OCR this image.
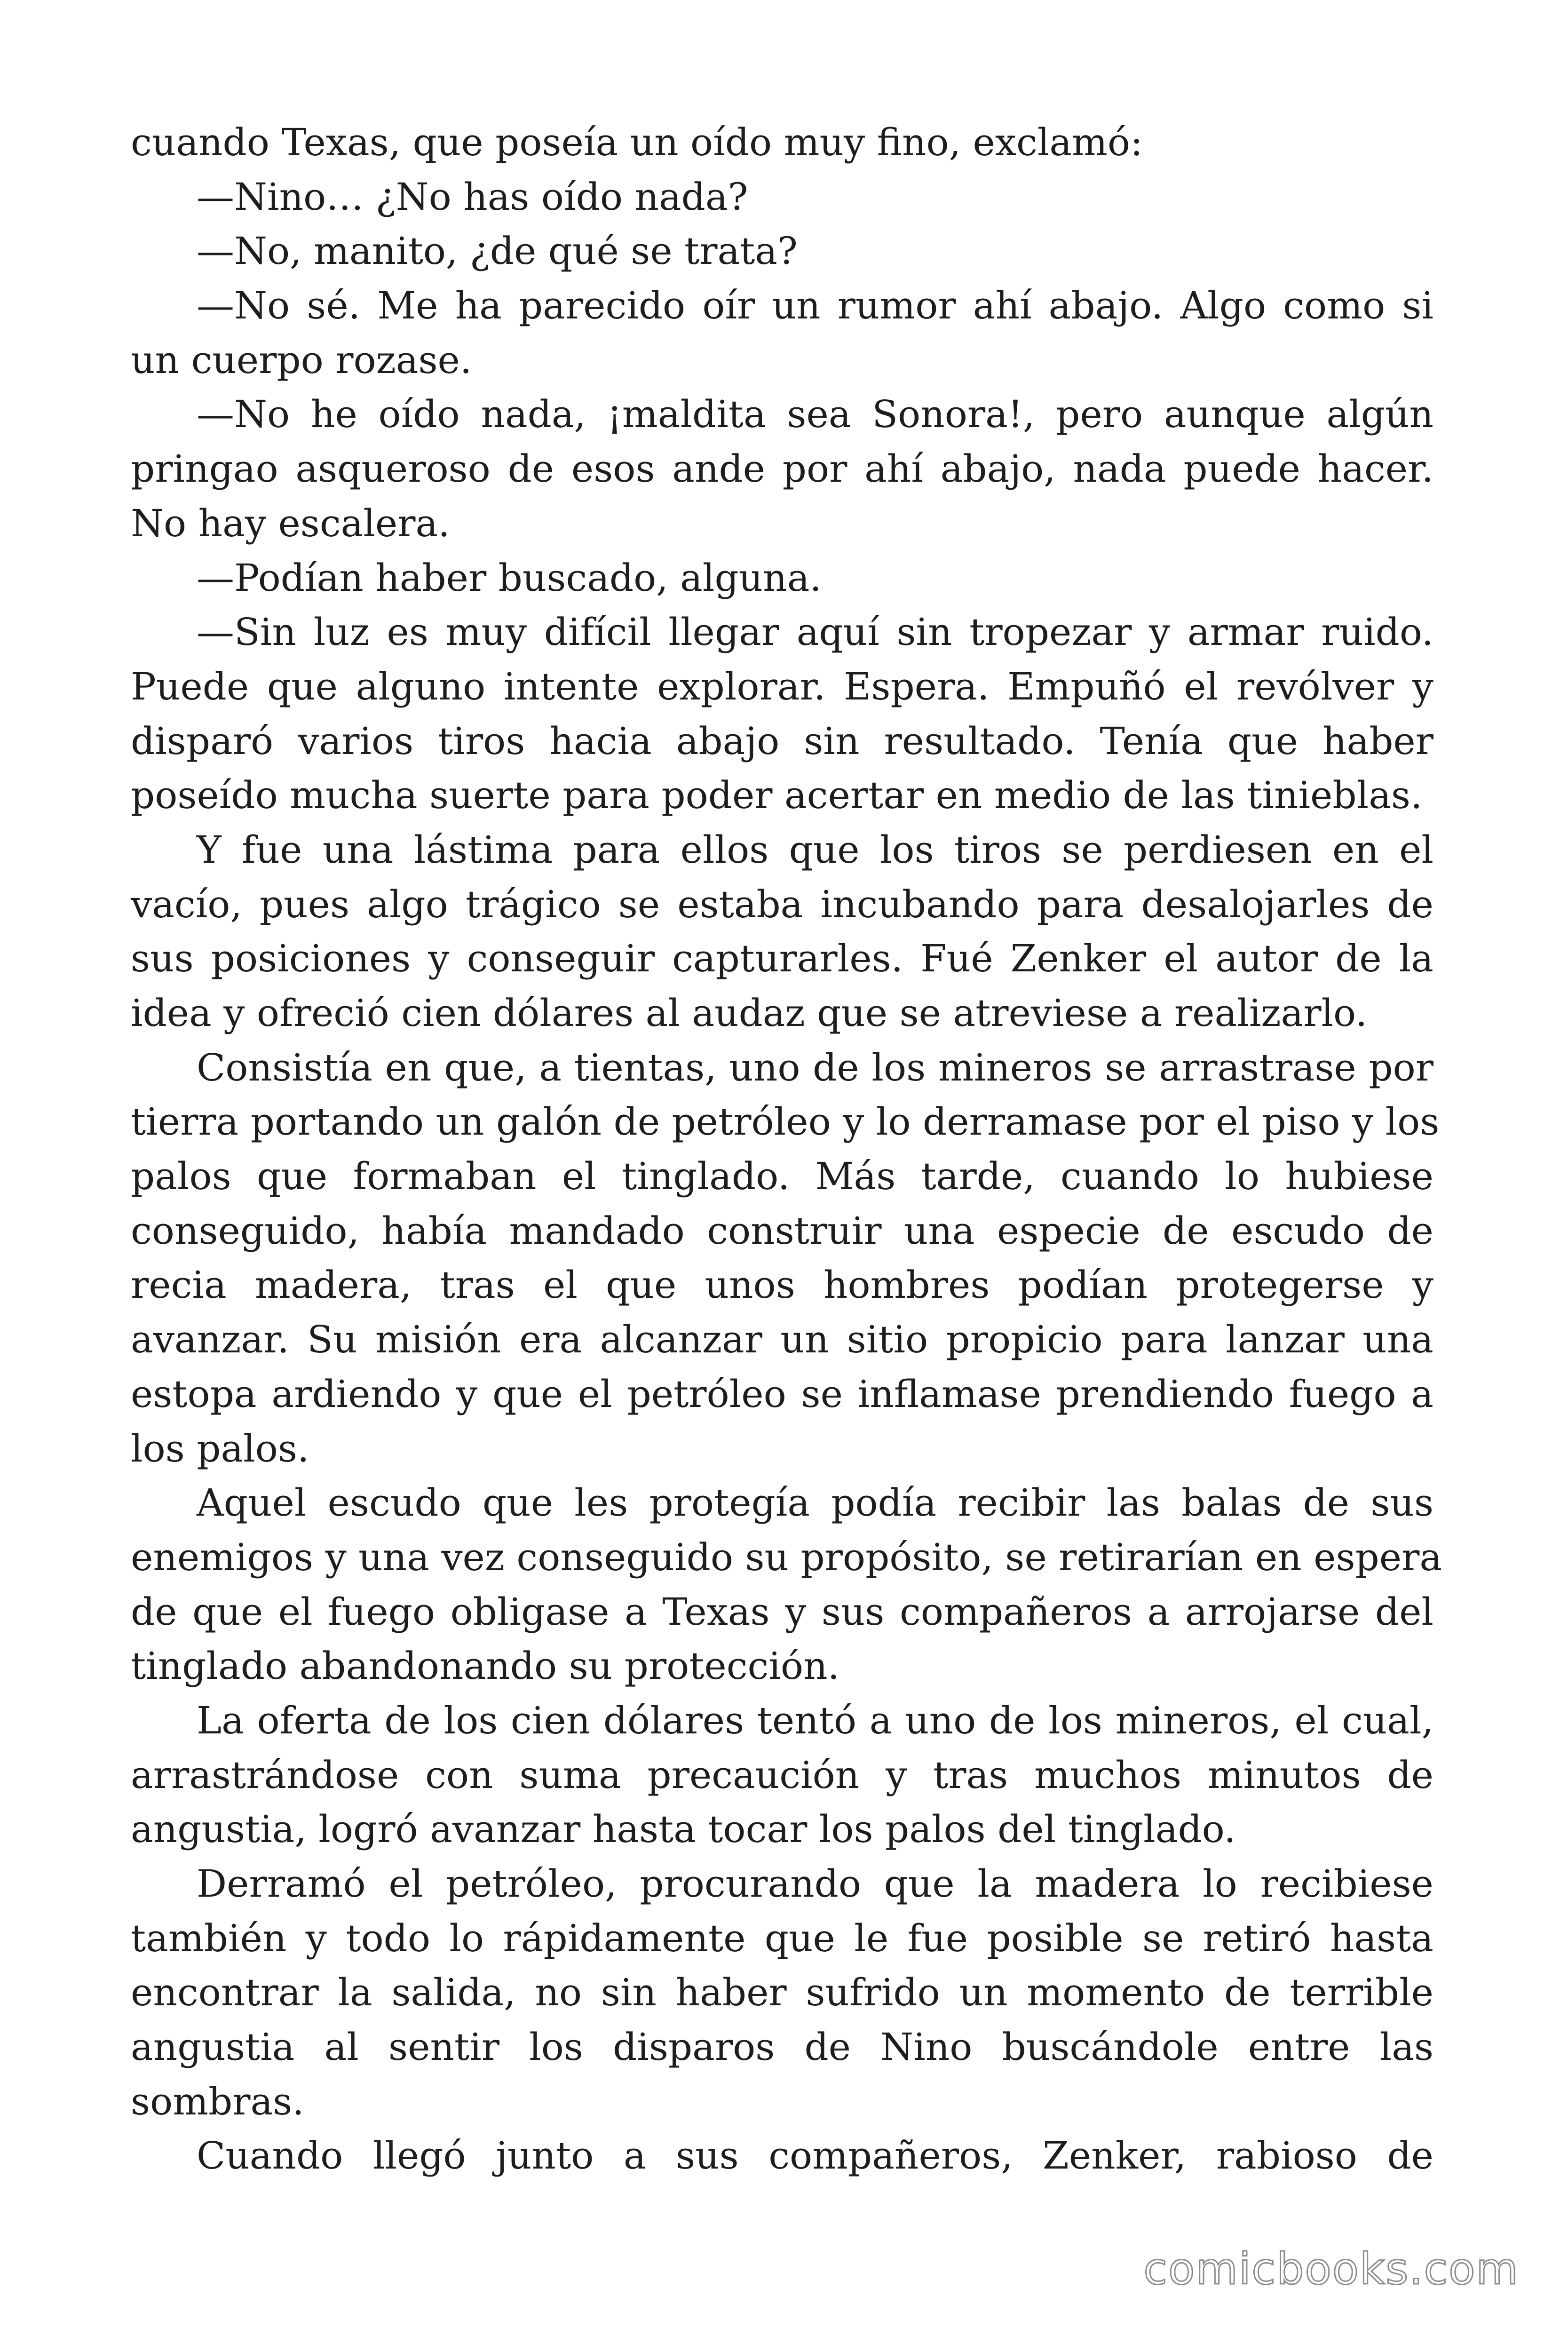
cuando Texas, que poseía un oído muy fino, exclamó:
—Nino… ¿No has oído nada?
—No, manito, ¿de qué se trata?
—No sé. Me ha parecido oír un rumor ahí abajo. Algo como si
un cuerpo rozase.
—No he oído nada, ¡maldita sea Sonora!, pero aunque algún
pringao asqueroso de esos ande por ahí abajo, nada puede hacer.
No hay escalera.
—Podían haber buscado, alguna.
—Sin luz es muy difícil llegar aquí sin tropezar y armar ruido.
Puede que alguno intente explorar. Espera. Empuñó el revólver y
disparó varios tiros hacia abajo sin resultado. Tenía que haber
poseído mucha suerte para poder acertar en medio de las tinieblas.
Y fue una lástima para ellos que los tiros se perdiesen en el
vacío, pues algo trágico se estaba incubando para desalojarles de
sus posiciones y conseguir capturarles. Fué Zenker el autor de la
idea y ofreció cien dólares al audaz que se atreviese a realizarlo.
Consistía en que, a tientas, uno de los mineros se arrastrase por
tierra portando un galón de petróleo y lo derramase por el piso y los
palos que formaban el tinglado. Más tarde, cuando lo hubiese
conseguido, había mandado construir una especie de escudo de
recia madera, tras el que unos hombres podían protegerse y
avanzar. Su misión era alcanzar un sitio propicio para lanzar una
estopa ardiendo y que el petróleo se inflamase prendiendo fuego a
los palos.
Aquel escudo que les protegía podía recibir las balas de sus
enemigos y una vez conseguido su propósito, se retirarían en espera
de que el fuego obligase a Texas y sus compañeros a arrojarse del
tinglado abandonando su protección.
La oferta de los cien dólares tentó a uno de los mineros, el cual,
arrastrándose con suma precaución y tras muchos minutos de
angustia, logró avanzar hasta tocar los palos del tinglado.
Derramó el petróleo, procurando que la madera lo recibiese
también y todo lo rápidamente que le fue posible se retiró hasta
encontrar la salida, no sin haber sufrido un momento de terrible
angustia al sentir los disparos de Nino buscándole entre las
sombras.
Cuando llegó junto a sus compañeros, Zenker, rabioso de
comicbooks.com
